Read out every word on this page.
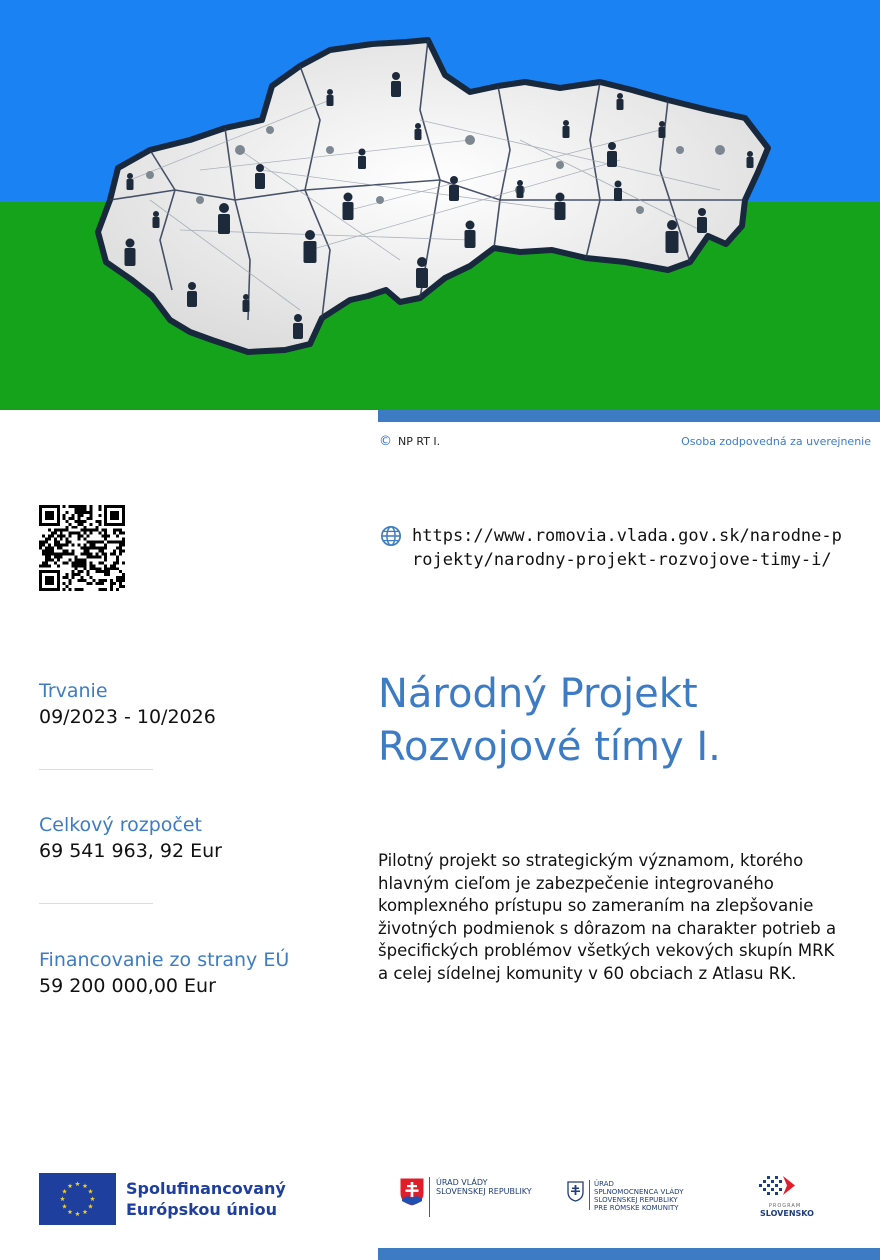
© NP RT I.	Osoba zodpovedná za uverejnenie
https://www.romovia.vlada.gov.sk/narodne-projekty/narodny-projekt-rozvojove-timy-i/
Trvanie
09/2023 - 10/2026
Celkový rozpočet
69 541 963, 92 Eur
Financovanie zo strany EÚ
59 200 000,00 Eur
Národný Projekt
Rozvojové tímy I.

Pilotný projekt so strategickým významom, ktorého hlavným cieľom je zabezpečenie integrovaného komplexného prístupu so zameraním na zlepšovanie životných podmienok s dôrazom na charakter potrieb a špecifických problémov všetkých vekových skupín MRK a celej sídelnej komunity v 60 obciach z Atlasu RK.

Spolufinancovaný
Európskou úniou
ÚRAD VLÁDY
SLOVENSKEJ REPUBLIKY
ÚRAD
SPLNOMOCNENCA VLÁDY
SLOVENSKEJ REPUBLIKY
PRE RÓMSKE KOMUNITY	PROGRAM
SLOVENSKO
